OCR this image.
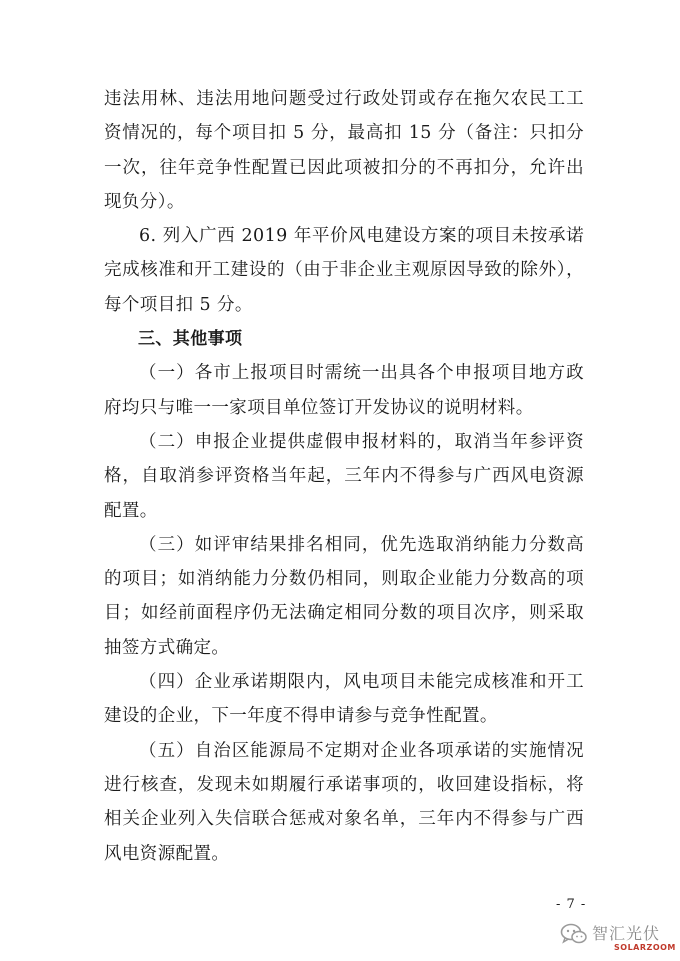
违法用林、违法用地问题受过行政处罚或存在拖欠农民工工资情况的，每个项目扣 5 分，最高扣 15 分（备注：只扣分一次，往年竞争性配置已因此项被扣分的不再扣分，允许出现负分）。

6. 列入广西 2019 年平价风电建设方案的项目未按承诺完成核准和开工建设的（由于非企业主观原因导致的除外），每个项目扣 5 分。

三、其他事项

（一）各市上报项目时需统一出具各个申报项目地方政府均只与唯一一家项目单位签订开发协议的说明材料。

（二）申报企业提供虚假申报材料的，取消当年参评资格，自取消参评资格当年起，三年内不得参与广西风电资源配置。

（三）如评审结果排名相同，优先选取消纳能力分数高的项目；如消纳能力分数仍相同，则取企业能力分数高的项目；如经前面程序仍无法确定相同分数的项目次序，则采取抽签方式确定。

（四）企业承诺期限内，风电项目未能完成核准和开工建设的企业，下一年度不得申请参与竞争性配置。

（五）自治区能源局不定期对企业各项承诺的实施情况进行核查，发现未如期履行承诺事项的，收回建设指标，将相关企业列入失信联合惩戒对象名单，三年内不得参与广西风电资源配置。

- 7 -
智汇光伏
SOLARZOOM
